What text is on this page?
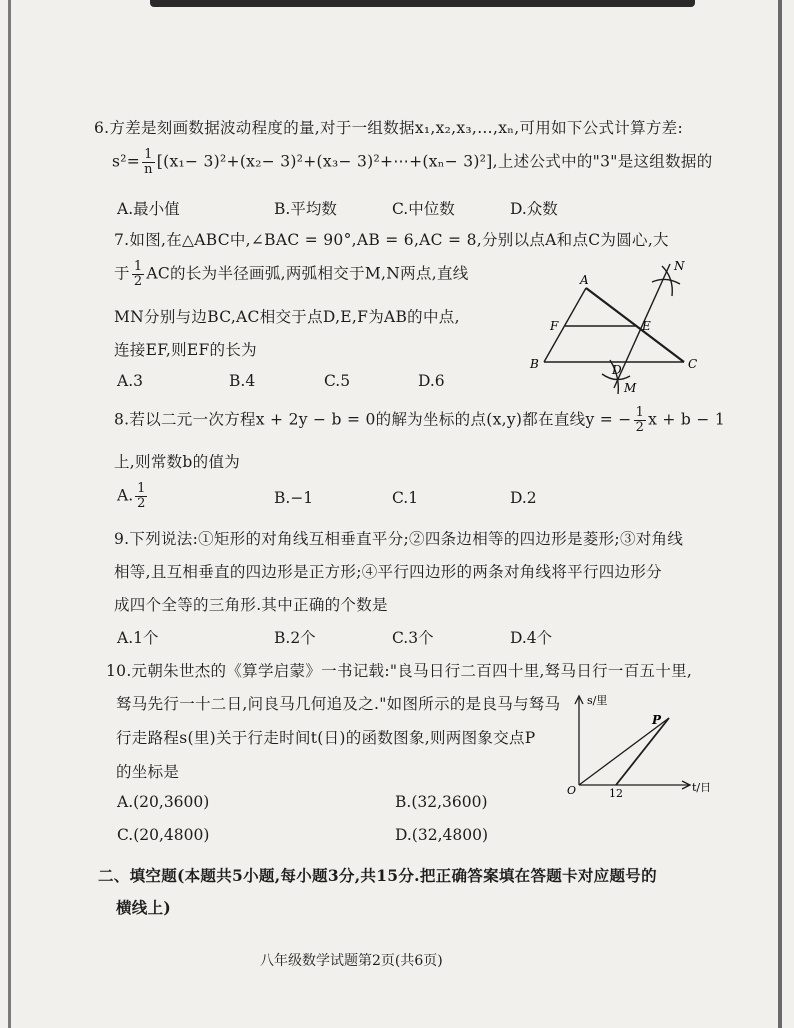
6.方差是刻画数据波动程度的量,对于一组数据x₁,x₂,x₃,…,xₙ,可用如下公式计算方差:
$s^2= \frac{1}{n} [(x_1- 3)^2+(x_2- 3)^2+(x_3-$ 3)²+⋯+(xₙ− 3)²],上述公式中的"3"是这组数据的
A.最小值	B.平均数	C.中位数	D.众数
7.如图,在△ABC中,∠BAC = 90°,AB = 6,AC = 8,分别以点A和点C为圆心,大
于 $\frac{1}{2}$ AC的长为半径画弧,两弧相交于M,N两点,直线
MN分别与边BC,AC相交于点D,E,F为AB的中点,
连接EF,则EF的长为
A.3	B.4	C.5	D.6
A
N
F	E
B	C
D
M
8.若以二元一次方程x + 2y − b = 0的解为坐标的点(x,y)都在直线y = − $\frac{1}{2}$ x + b − 1
上,则常数b的值为
A. $\frac{1}{2}$	B.−1	C.1	D.2
9.下列说法:①矩形的对角线互相垂直平分;②四条边相等的四边形是菱形;③对角线
相等,且互相垂直的四边形是正方形;④平行四边形的两条对角线将平行四边形分
成四个全等的三角形.其中正确的个数是
A.1个	B.2个	C.3个	D.4个
10.元朝朱世杰的《算学启蒙》一书记载:"良马日行二百四十里,驽马日行一百五十里,
驽马先行一十二日,问良马几何追及之."如图所示的是良马与驽马
行走路程s(里)关于行走时间t(日)的函数图象,则两图象交点P
的坐标是
A.(20,3600)	B.(32,3600)
C.(20,4800)	D.(32,4800)
s/里
t/日
O	12
P
二、填空题(本题共5小题,每小题3分,共15分.把正确答案填在答题卡对应题号的
横线上)
八年级数学试题第2页(共6页)
